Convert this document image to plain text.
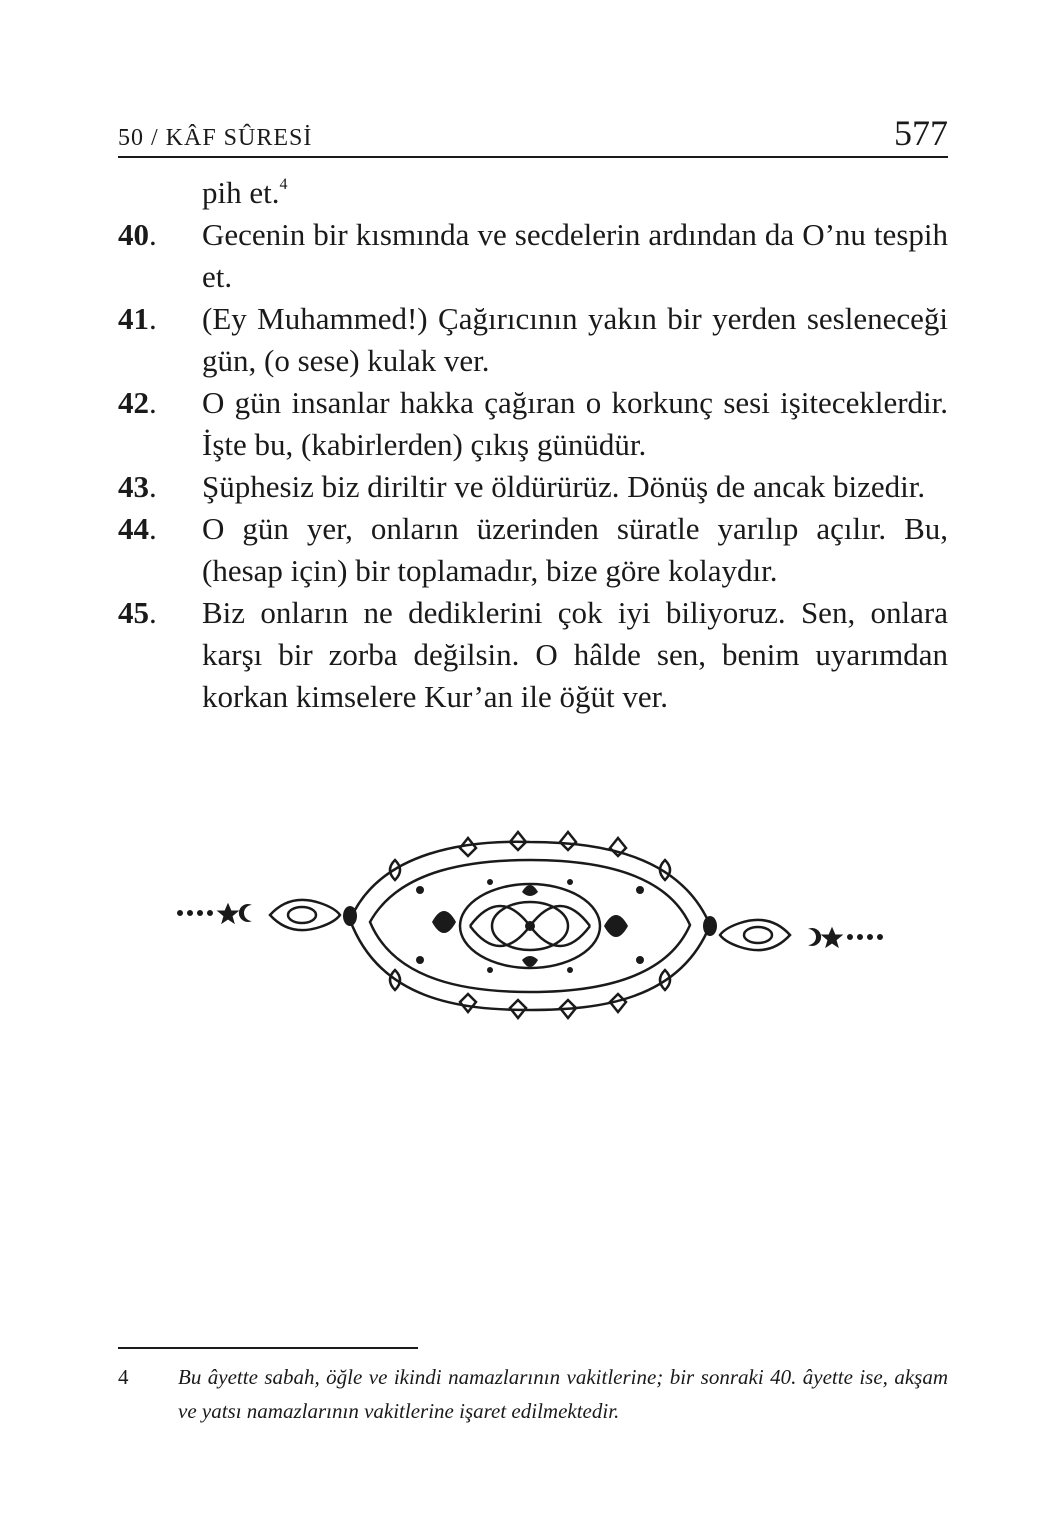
50 / KÂF SÛRESİ	577
pih et.$^4$
40. Gecenin bir kısmında ve secdelerin ardından da O’nu tespih et.
41. (Ey Muhammed!) Çağırıcının yakın bir yerden sesleneceği gün, (o sese) kulak ver.
42. O gün insanlar hakka çağıran o korkunç sesi işiteceklerdir. İşte bu, (kabirlerden) çıkış günüdür.
43. Şüphesiz biz diriltir ve öldürürüz. Dönüş de ancak bizedir.
44. O gün yer, onların üzerinden süratle yarılıp açılır. Bu, (hesap için) bir toplamadır, bize göre kolaydır.
45. Biz onların ne dediklerini çok iyi biliyoruz. Sen, onlara karşı bir zorba değilsin. O hâlde sen, benim uyarımdan korkan kimselere Kur’an ile öğüt ver.
4	Bu âyette sabah, öğle ve ikindi namazlarının vakitlerine; bir sonraki 40. âyette ise, akşam ve yatsı namazlarının vakitlerine işaret edilmektedir.
